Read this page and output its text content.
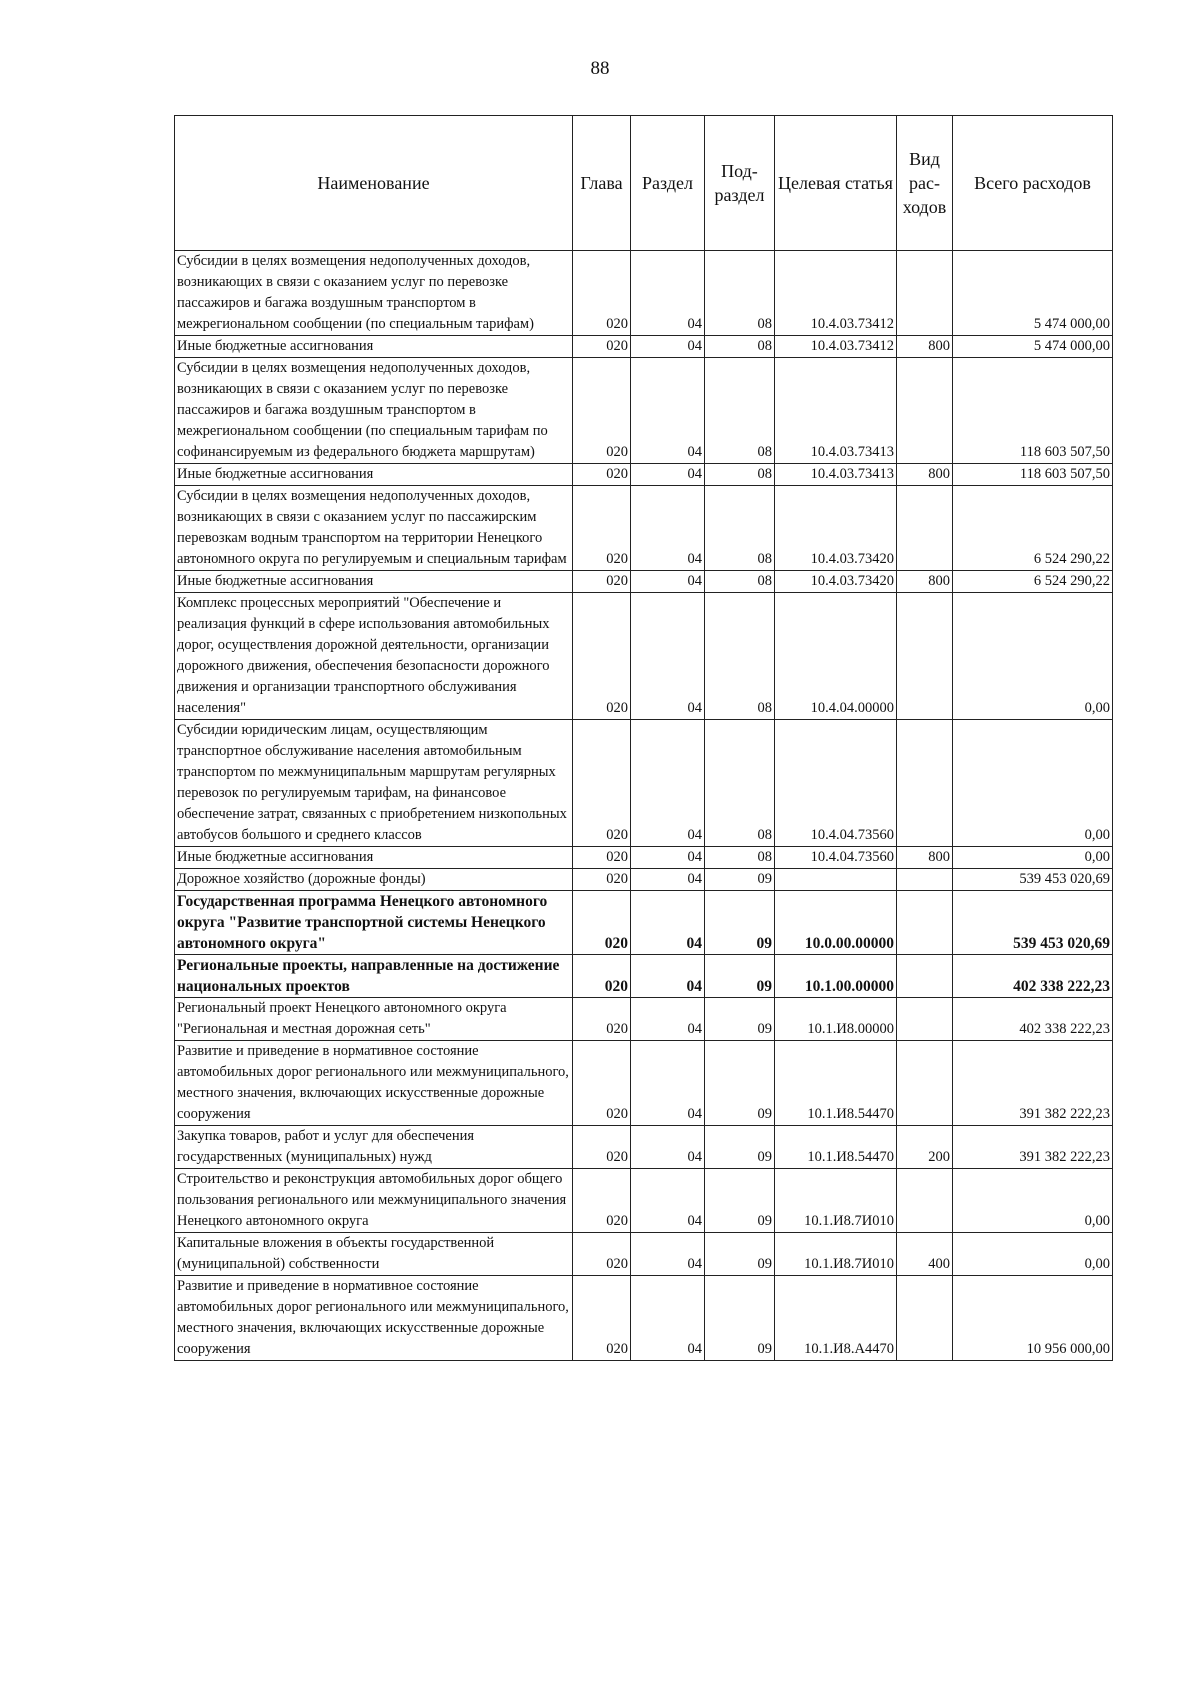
88
Наименование	Глава	Раздел	Под- раздел	Целевая статья	Вид рас- ходов	Всего расходов
Субсидии в целях возмещения недополученных доходов, возникающих в связи с оказанием услуг по перевозке пассажиров и багажа воздушным транспортом в межрегиональном сообщении (по специальным тарифам)	020	04	08	10.4.03.73412		5 474 000,00
Иные бюджетные ассигнования	020	04	08	10.4.03.73412	800	5 474 000,00
Субсидии в целях возмещения недополученных доходов, возникающих в связи с оказанием услуг по перевозке пассажиров и багажа воздушным транспортом в межрегиональном сообщении (по специальным тарифам по софинансируемым из федерального бюджета маршрутам)	020	04	08	10.4.03.73413		118 603 507,50
Иные бюджетные ассигнования	020	04	08	10.4.03.73413	800	118 603 507,50
Субсидии в целях возмещения недополученных доходов, возникающих в связи с оказанием услуг по пассажирским перевозкам водным транспортом на территории Ненецкого автономного округа по регулируемым и специальным тарифам	020	04	08	10.4.03.73420		6 524 290,22
Иные бюджетные ассигнования	020	04	08	10.4.03.73420	800	6 524 290,22
Комплекс процессных мероприятий "Обеспечение и реализация функций в сфере использования автомобильных дорог, осуществления дорожной деятельности, организации дорожного движения, обеспечения безопасности дорожного движения и организации транспортного обслуживания населения"	020	04	08	10.4.04.00000		0,00
Субсидии юридическим лицам, осуществляющим транспортное обслуживание населения автомобильным транспортом по межмуниципальным маршрутам регулярных перевозок по регулируемым тарифам, на финансовое обеспечение затрат, связанных с приобретением низкопольных автобусов большого и среднего классов	020	04	08	10.4.04.73560		0,00
Иные бюджетные ассигнования	020	04	08	10.4.04.73560	800	0,00
Дорожное хозяйство (дорожные фонды)	020	04	09			539 453 020,69
Государственная программа Ненецкого автономного округа "Развитие транспортной системы Ненецкого автономного округа"	020	04	09	10.0.00.00000		539 453 020,69
Региональные проекты, направленные на достижение национальных проектов	020	04	09	10.1.00.00000		402 338 222,23
Региональный проект Ненецкого автономного округа "Региональная и местная дорожная сеть"	020	04	09	10.1.И8.00000		402 338 222,23
Развитие и приведение в нормативное состояние автомобильных дорог регионального или межмуниципального, местного значения, включающих искусственные дорожные сооружения	020	04	09	10.1.И8.54470		391 382 222,23
Закупка товаров, работ и услуг для обеспечения государственных (муниципальных) нужд	020	04	09	10.1.И8.54470	200	391 382 222,23
Строительство и реконструкция автомобильных дорог общего пользования регионального или межмуниципального значения Ненецкого автономного округа	020	04	09	10.1.И8.7И010		0,00
Капитальные вложения в объекты государственной (муниципальной) собственности	020	04	09	10.1.И8.7И010	400	0,00
Развитие и приведение в нормативное состояние автомобильных дорог регионального или межмуниципального, местного значения, включающих искусственные дорожные сооружения	020	04	09	10.1.И8.А4470		10 956 000,00
